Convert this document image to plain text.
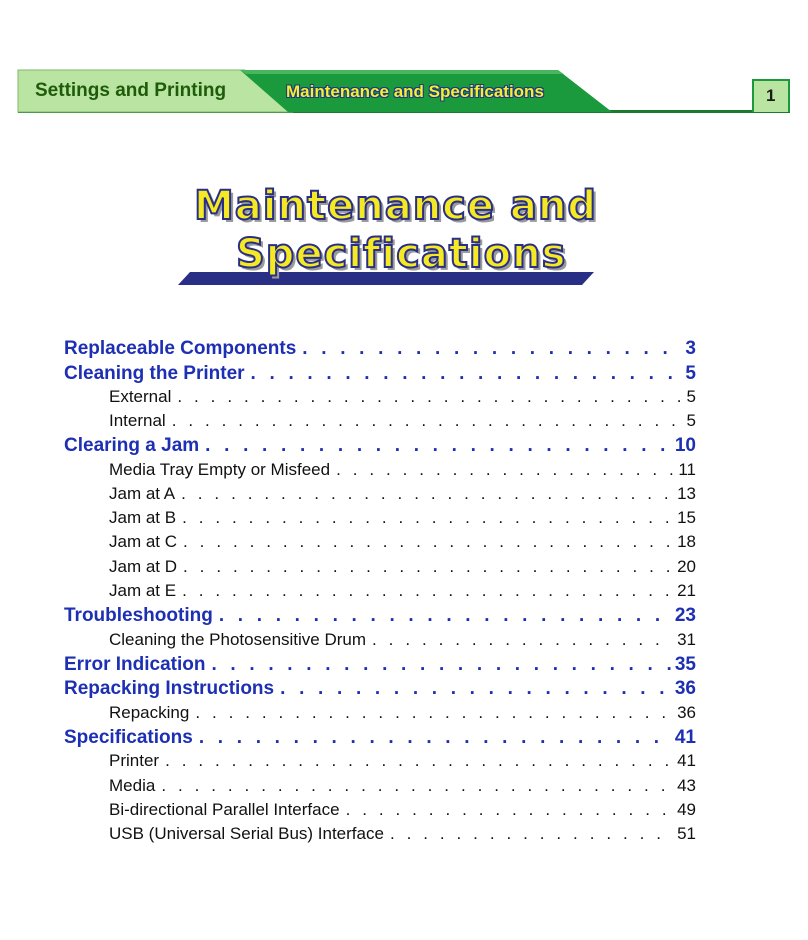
Settings and Printing	Maintenance and Specifications	1
Maintenance and
Specifications
Replaceable Components . . .	3
Cleaning the Printer . . .	5
External . . .	5
Internal . . .	5
Clearing a Jam . . .	10
Media Tray Empty or Misfeed . . .	11
Jam at A . . .	13
Jam at B . . .	15
Jam at C . . .	18
Jam at D . . .	20
Jam at E . . .	21
Troubleshooting . . .	23
Cleaning the Photosensitive Drum . . .	31
Error Indication . . .	35
Repacking Instructions . . .	36
Repacking . . .	36
Specifications . . .	41
Printer . . .	41
Media . . .	43
Bi-directional Parallel Interface . . .	49
USB (Universal Serial Bus) Interface . . .	51
